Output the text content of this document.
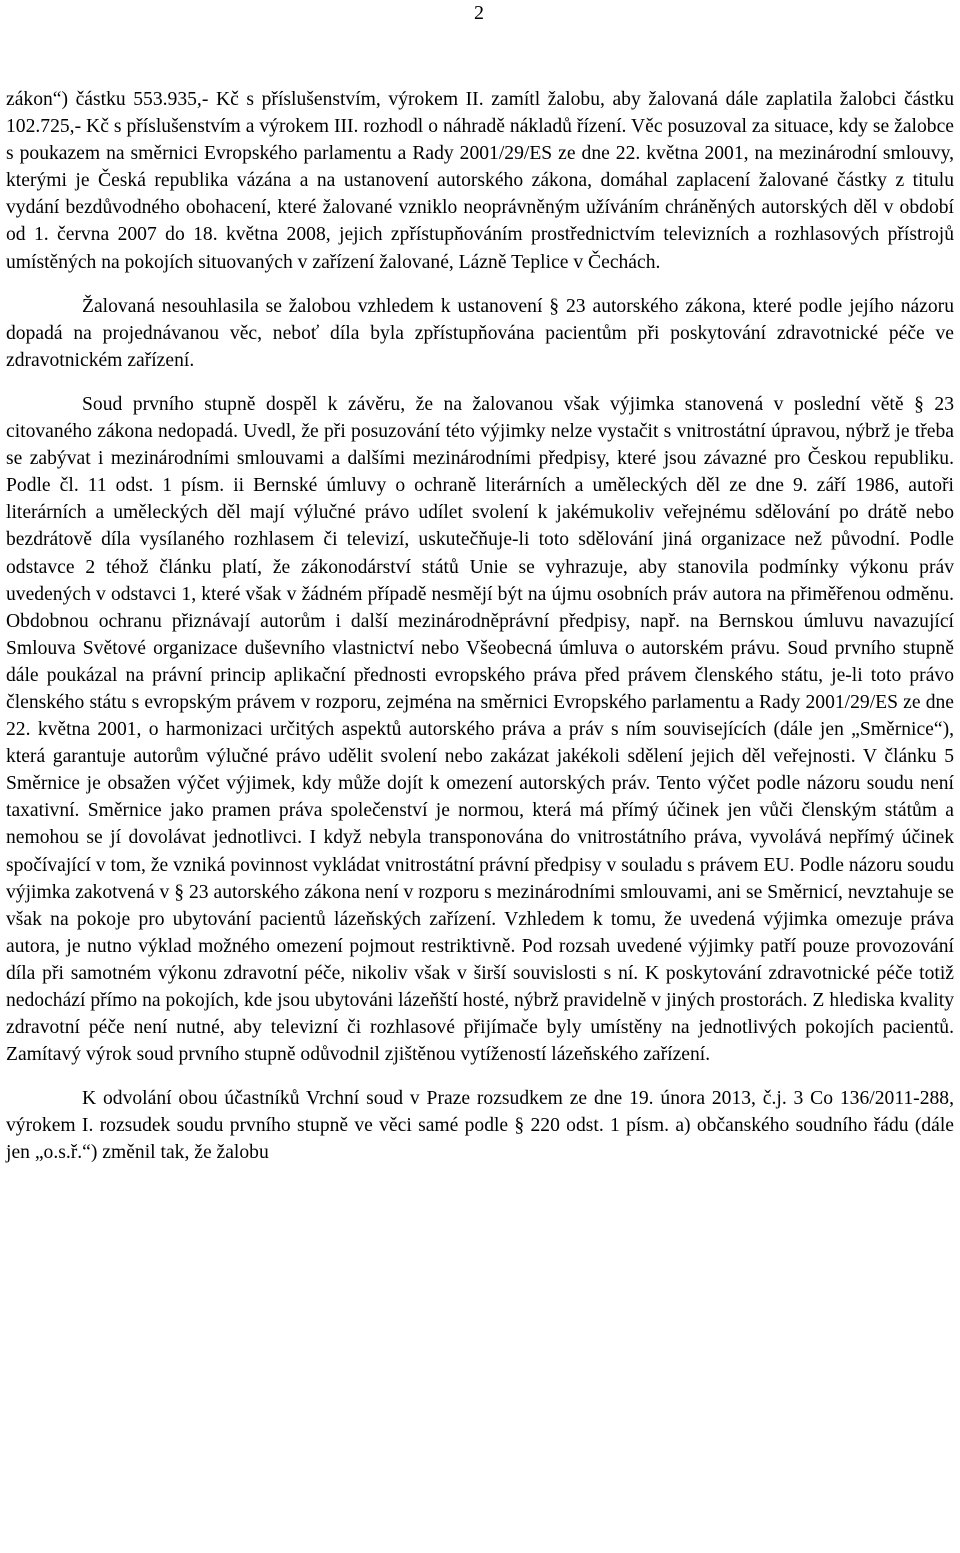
2

zákon“) částku 553.935,- Kč s příslušenstvím, výrokem II. zamítl žalobu, aby žalovaná dále zaplatila žalobci částku 102.725,- Kč s příslušenstvím a výrokem III. rozhodl o náhradě nákladů řízení. Věc posuzoval za situace, kdy se žalobce s poukazem na směrnici Evropského parlamentu a Rady 2001/29/ES ze dne 22. května 2001, na mezinárodní smlouvy, kterými je Česká republika vázána a na ustanovení autorského zákona, domáhal zaplacení žalované částky z titulu vydání bezdůvodného obohacení, které žalované vzniklo neoprávněným užíváním chráněných autorských děl v období od 1. června 2007 do 18. května 2008, jejich zpřístupňováním prostřednictvím televizních a rozhlasových přístrojů umístěných na pokojích situovaných v zařízení žalované, Lázně Teplice v Čechách.

Žalovaná nesouhlasila se žalobou vzhledem k ustanovení § 23 autorského zákona, které podle jejího názoru dopadá na projednávanou věc, neboť díla byla zpřístupňována pacientům při poskytování zdravotnické péče ve zdravotnickém zařízení.

Soud prvního stupně dospěl k závěru, že na žalovanou však výjimka stanovená v poslední větě § 23 citovaného zákona nedopadá. Uvedl, že při posuzování této výjimky nelze vystačit s vnitrostátní úpravou, nýbrž je třeba se zabývat i mezinárodními smlouvami a dalšími mezinárodními předpisy, které jsou závazné pro Českou republiku. Podle čl. 11 odst. 1 písm. ii Bernské úmluvy o ochraně literárních a uměleckých děl ze dne 9. září 1986, autoři literárních a uměleckých děl mají výlučné právo udílet svolení k jakémukoliv veřejnému sdělování po drátě nebo bezdrátově díla vysílaného rozhlasem či televizí, uskutečňuje-li toto sdělování jiná organizace než původní. Podle odstavce 2 téhož článku platí, že zákonodárství států Unie se vyhrazuje, aby stanovila podmínky výkonu práv uvedených v odstavci 1, které však v žádném případě nesmějí být na újmu osobních práv autora na přiměřenou odměnu. Obdobnou ochranu přiznávají autorům i další mezinárodněprávní předpisy, např. na Bernskou úmluvu navazující Smlouva Světové organizace duševního vlastnictví nebo Všeobecná úmluva o autorském právu. Soud prvního stupně dále poukázal na právní princip aplikační přednosti evropského práva před právem členského státu, je-li toto právo členského státu s evropským právem v rozporu, zejména na směrnici Evropského parlamentu a Rady 2001/29/ES ze dne 22. května 2001, o harmonizaci určitých aspektů autorského práva a práv s ním souvisejících (dále jen „Směrnice“), která garantuje autorům výlučné právo udělit svolení nebo zakázat jakékoli sdělení jejich děl veřejnosti. V článku 5 Směrnice je obsažen výčet výjimek, kdy může dojít k omezení autorských práv. Tento výčet podle názoru soudu není taxativní. Směrnice jako pramen práva společenství je normou, která má přímý účinek jen vůči členským státům a nemohou se jí dovolávat jednotlivci. I když nebyla transponována do vnitrostátního práva, vyvolává nepřímý účinek spočívající v tom, že vzniká povinnost vykládat vnitrostátní právní předpisy v souladu s právem EU. Podle názoru soudu výjimka zakotvená v § 23 autorského zákona není v rozporu s mezinárodními smlouvami, ani se Směrnicí, nevztahuje se však na pokoje pro ubytování pacientů lázeňských zařízení. Vzhledem k tomu, že uvedená výjimka omezuje práva autora, je nutno výklad možného omezení pojmout restriktivně. Pod rozsah uvedené výjimky patří pouze provozování díla při samotném výkonu zdravotní péče, nikoliv však v širší souvislosti s ní. K poskytování zdravotnické péče totiž nedochází přímo na pokojích, kde jsou ubytováni lázeňští hosté, nýbrž pravidelně v jiných prostorách. Z hlediska kvality zdravotní péče není nutné, aby televizní či rozhlasové přijímače byly umístěny na jednotlivých pokojích pacientů. Zamítavý výrok soud prvního stupně odůvodnil zjištěnou vytížeností lázeňského zařízení.

K odvolání obou účastníků Vrchní soud v Praze rozsudkem ze dne 19. února 2013, č.j. 3 Co 136/2011-288, výrokem I. rozsudek soudu prvního stupně ve věci samé podle § 220 odst. 1 písm. a) občanského soudního řádu (dále jen „o.s.ř.“) změnil tak, že žalobu
